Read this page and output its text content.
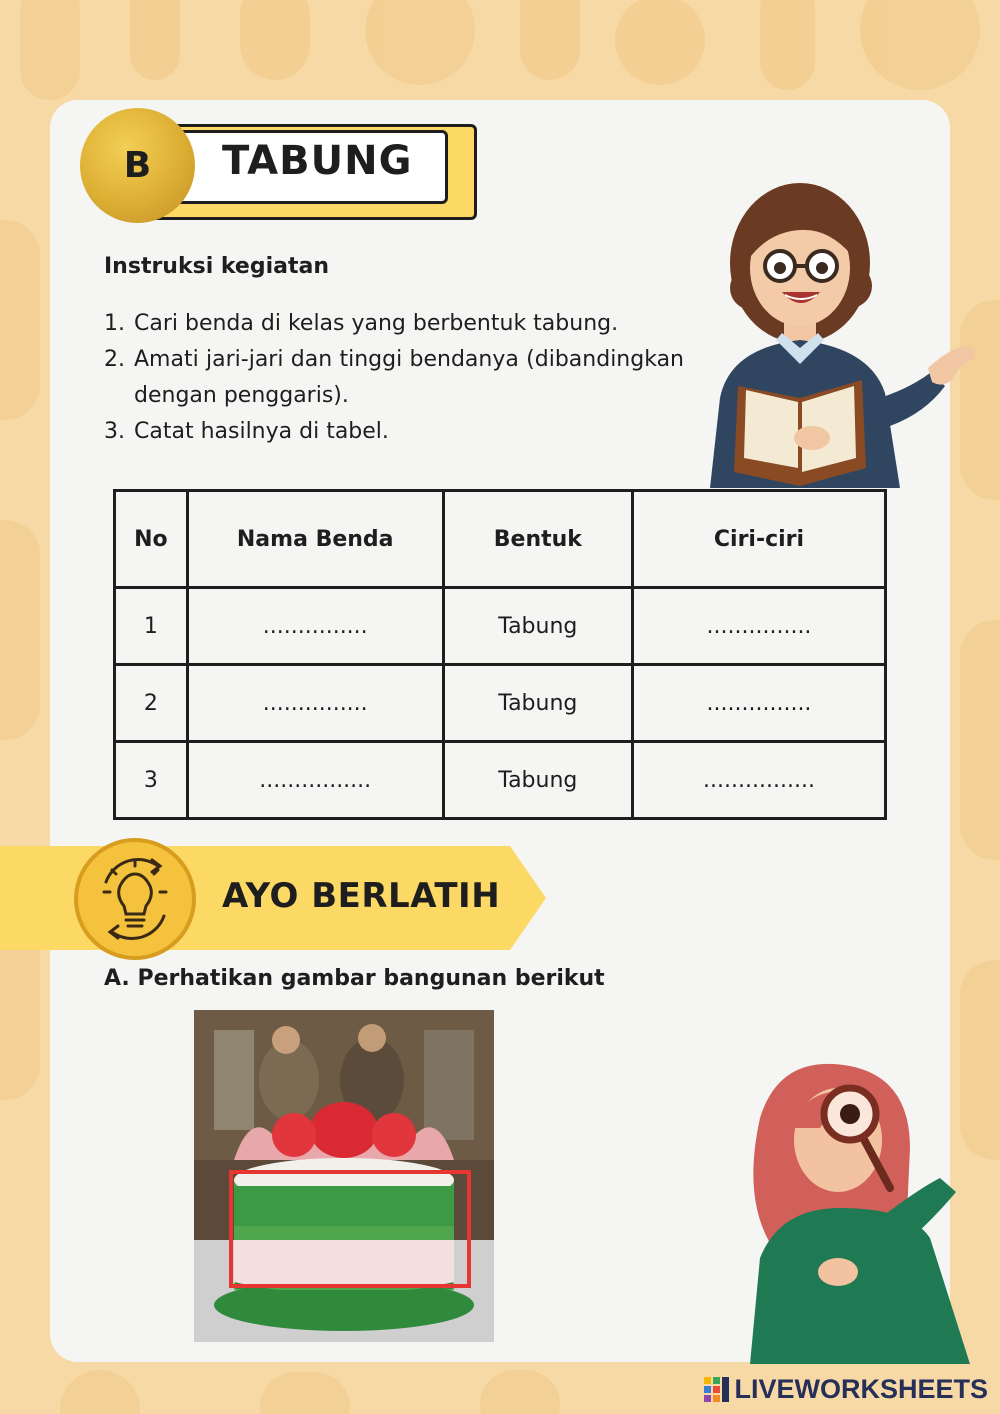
B TABUNG
Instruksi kegiatan
1. Cari benda di kelas yang berbentuk tabung.
2. Amati jari-jari dan tinggi bendanya (dibandingkan dengan penggaris).
3. Catat hasilnya di tabel.
No	Nama Benda	Bentuk	Ciri-ciri
1	...............	Tabung	...............
2	...............	Tabung	...............
3	................	Tabung	................
AYO BERLATIH
A. Perhatikan gambar bangunan berikut
LIVEWORKSHEETS
